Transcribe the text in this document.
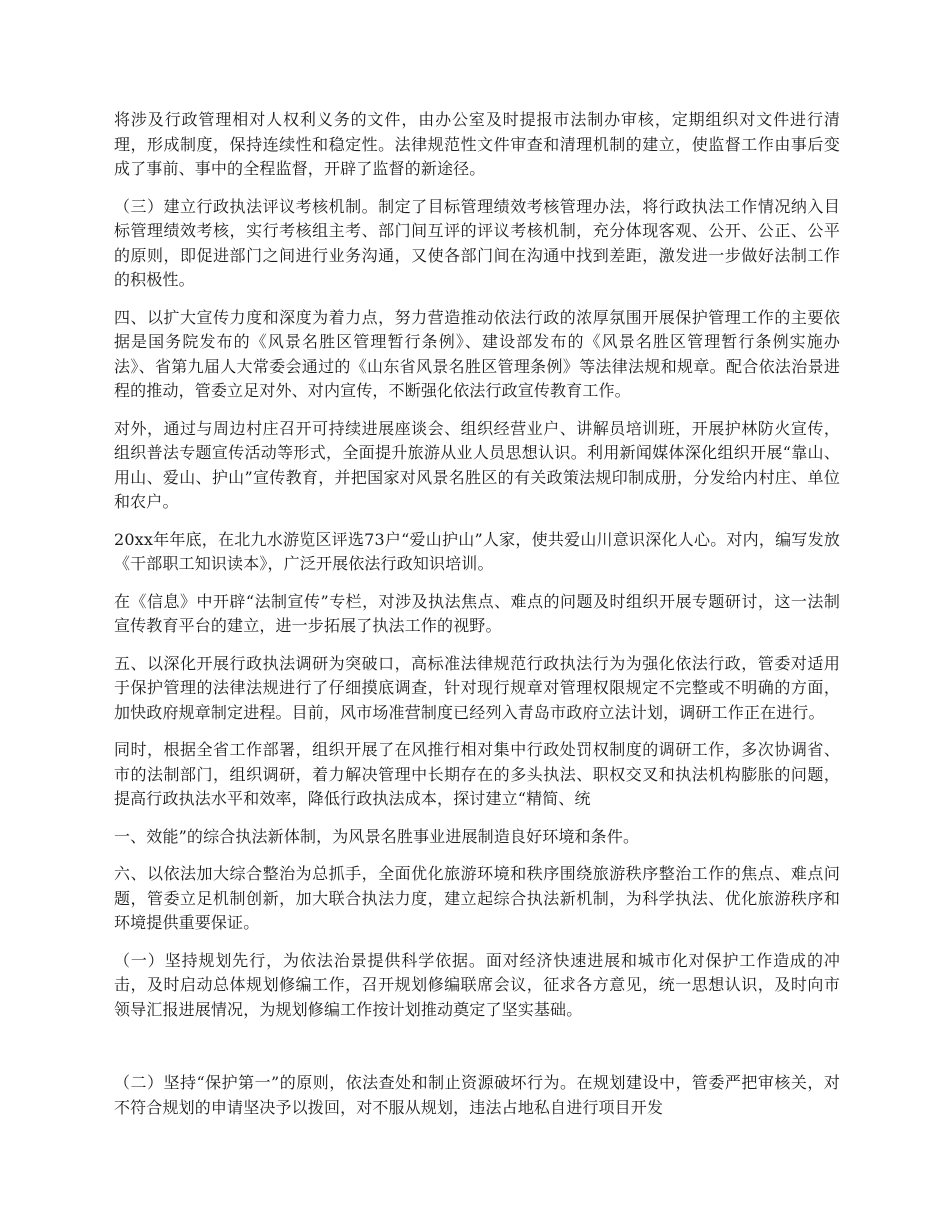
将涉及行政管理相对人权利义务的文件，由办公室及时提报市法制办审核，定期组织对文件进行清理，形成制度，保持连续性和稳定性。法律规范性文件审查和清理机制的建立，使监督工作由事后变成了事前、事中的全程监督，开辟了监督的新途径。

（三）建立行政执法评议考核机制。制定了目标管理绩效考核管理办法，将行政执法工作情况纳入目标管理绩效考核，实行考核组主考、部门间互评的评议考核机制，充分体现客观、公开、公正、公平的原则，即促进部门之间进行业务沟通，又使各部门间在沟通中找到差距，激发进一步做好法制工作的积极性。

四、以扩大宣传力度和深度为着力点，努力营造推动依法行政的浓厚氛围开展保护管理工作的主要依据是国务院发布的《风景名胜区管理暂行条例》、建设部发布的《风景名胜区管理暂行条例实施办法》、省第九届人大常委会通过的《山东省风景名胜区管理条例》等法律法规和规章。配合依法治景进程的推动，管委立足对外、对内宣传，不断强化依法行政宣传教育工作。

对外，通过与周边村庄召开可持续进展座谈会、组织经营业户、讲解员培训班，开展护林防火宣传，组织普法专题宣传活动等形式，全面提升旅游从业人员思想认识。利用新闻媒体深化组织开展“靠山、用山、爱山、护山”宣传教育，并把国家对风景名胜区的有关政策法规印制成册，分发给内村庄、单位和农户。

20xx年年底，在北九水游览区评选73户“爱山护山”人家，使共爱山川意识深化人心。对内，编写发放《干部职工知识读本》，广泛开展依法行政知识培训。

在《信息》中开辟“法制宣传”专栏，对涉及执法焦点、难点的问题及时组织开展专题研讨，这一法制宣传教育平台的建立，进一步拓展了执法工作的视野。

五、以深化开展行政执法调研为突破口，高标准法律规范行政执法行为为强化依法行政，管委对适用于保护管理的法律法规进行了仔细摸底调查，针对现行规章对管理权限规定不完整或不明确的方面，加快政府规章制定进程。目前，风市场准营制度已经列入青岛市政府立法计划，调研工作正在进行。

同时，根据全省工作部署，组织开展了在风推行相对集中行政处罚权制度的调研工作，多次协调省、市的法制部门，组织调研，着力解决管理中长期存在的多头执法、职权交叉和执法机构膨胀的问题，提高行政执法水平和效率，降低行政执法成本，探讨建立“精简、统

一、效能”的综合执法新体制，为风景名胜事业进展制造良好环境和条件。

六、以依法加大综合整治为总抓手，全面优化旅游环境和秩序围绕旅游秩序整治工作的焦点、难点问题，管委立足机制创新，加大联合执法力度，建立起综合执法新机制，为科学执法、优化旅游秩序和环境提供重要保证。

（一）坚持规划先行，为依法治景提供科学依据。面对经济快速进展和城市化对保护工作造成的冲击，及时启动总体规划修编工作，召开规划修编联席会议，征求各方意见，统一思想认识，及时向市领导汇报进展情况，为规划修编工作按计划推动奠定了坚实基础。

（二）坚持“保护第一”的原则，依法查处和制止资源破坏行为。在规划建设中，管委严把审核关，对不符合规划的申请坚决予以拨回，对不服从规划，违法占地私自进行项目开发
